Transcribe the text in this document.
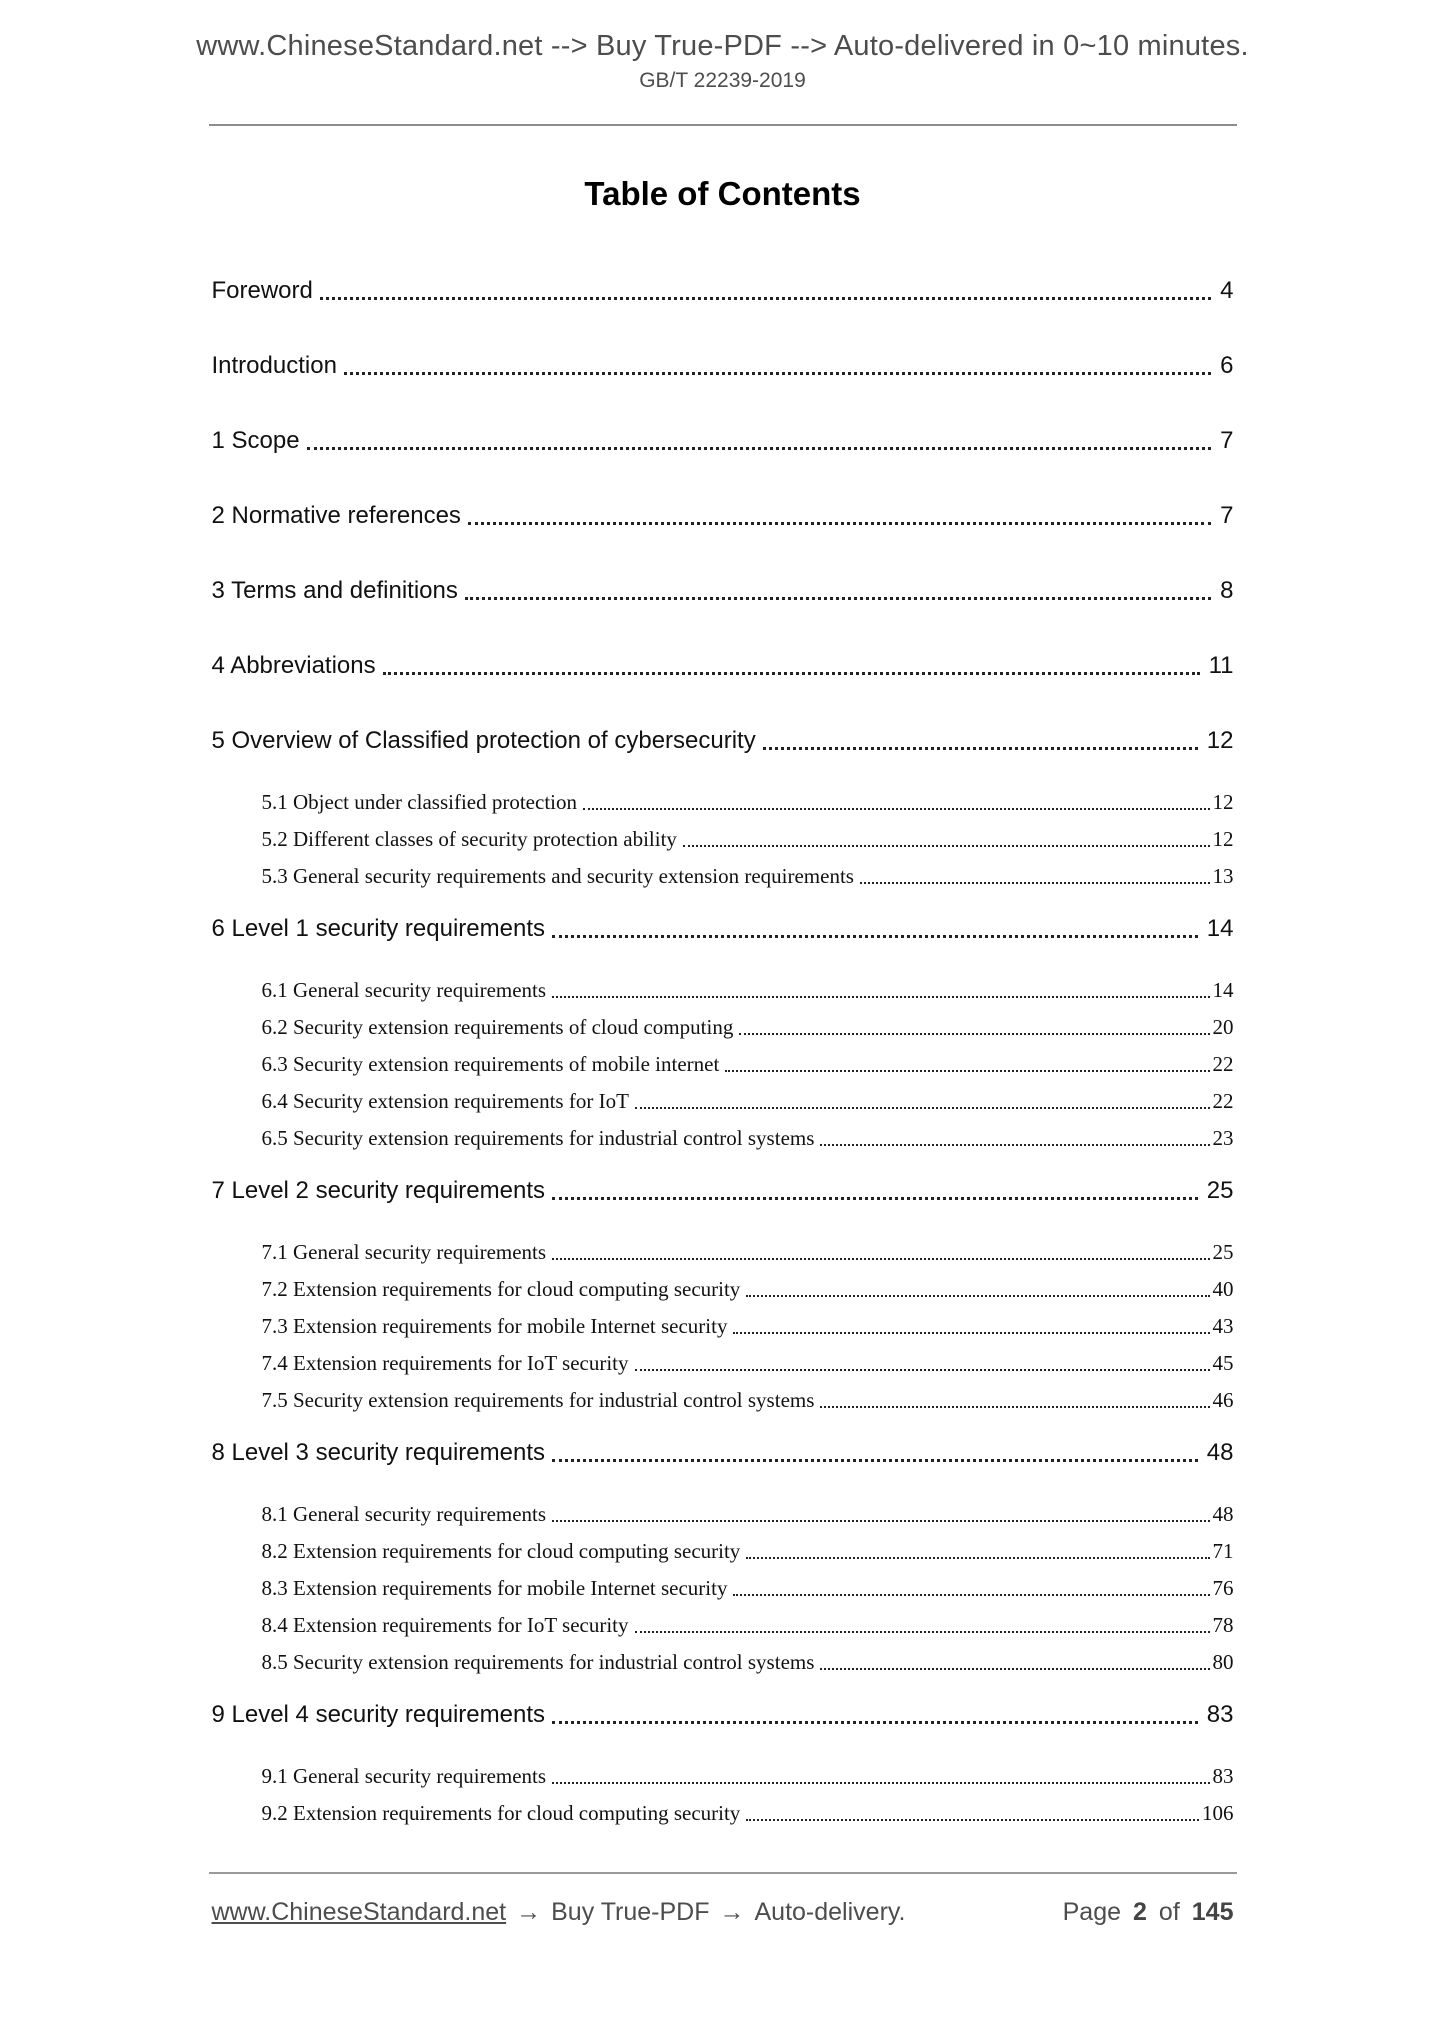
www.ChineseStandard.net --> Buy True-PDF --> Auto-delivered in 0~10 minutes.
GB/T 22239-2019
Table of Contents
Foreword	4
Introduction	6
1 Scope	7
2 Normative references	7
3 Terms and definitions	8
4 Abbreviations	11
5 Overview of Classified protection of cybersecurity	12
5.1 Object under classified protection	12
5.2 Different classes of security protection ability	12
5.3 General security requirements and security extension requirements	13
6 Level 1 security requirements	14
6.1 General security requirements	14
6.2 Security extension requirements of cloud computing	20
6.3 Security extension requirements of mobile internet	22
6.4 Security extension requirements for IoT	22
6.5 Security extension requirements for industrial control systems	23
7 Level 2 security requirements	25
7.1 General security requirements	25
7.2 Extension requirements for cloud computing security	40
7.3 Extension requirements for mobile Internet security	43
7.4 Extension requirements for IoT security	45
7.5 Security extension requirements for industrial control systems	46
8 Level 3 security requirements	48
8.1 General security requirements	48
8.2 Extension requirements for cloud computing security	71
8.3 Extension requirements for mobile Internet security	76
8.4 Extension requirements for IoT security	78
8.5 Security extension requirements for industrial control systems	80
9 Level 4 security requirements	83
9.1 General security requirements	83
9.2 Extension requirements for cloud computing security	106
www.ChineseStandard.net → Buy True-PDF → Auto-delivery.	Page 2 of 145
